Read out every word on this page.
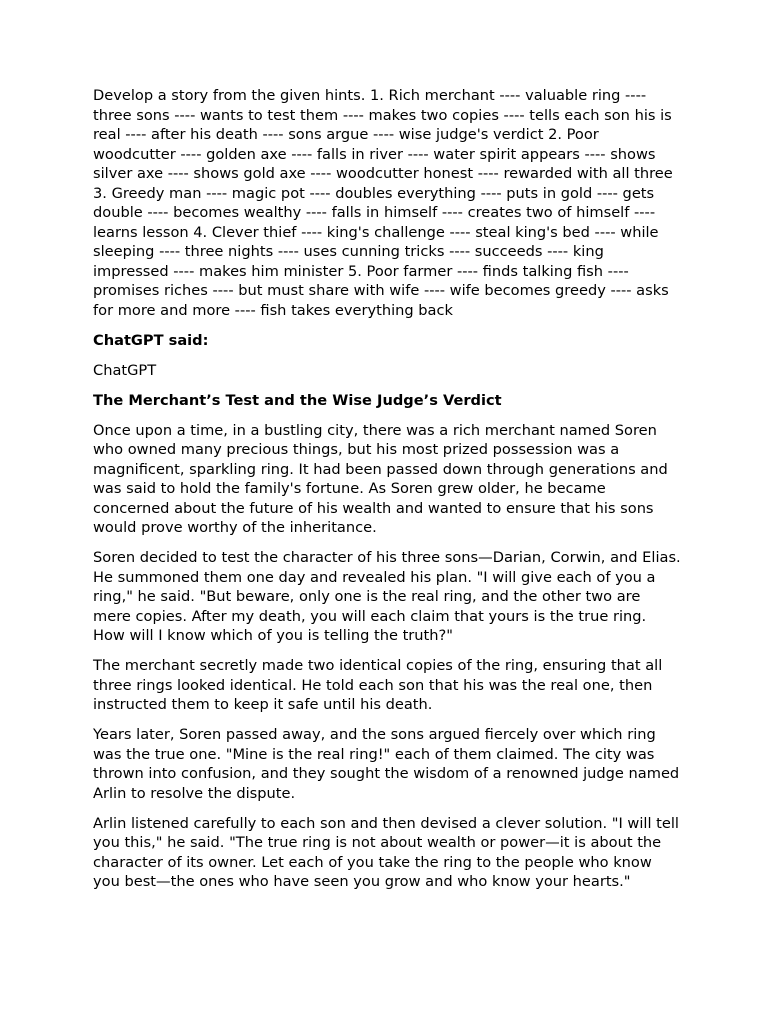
Develop a story from the given hints. 1. Rich merchant ---- valuable ring ---- three sons ---- wants to test them ---- makes two copies ---- tells each son his is real ---- after his death ---- sons argue ---- wise judge's verdict 2. Poor woodcutter ---- golden axe ---- falls in river ---- water spirit appears ---- shows silver axe ---- shows gold axe ---- woodcutter honest ---- rewarded with all three 3. Greedy man ---- magic pot ---- doubles everything ---- puts in gold ---- gets double ---- becomes wealthy ---- falls in himself ---- creates two of himself ---- learns lesson 4. Clever thief ---- king's challenge ---- steal king's bed ---- while sleeping ---- three nights ---- uses cunning tricks ---- succeeds ---- king impressed ---- makes him minister 5. Poor farmer ---- finds talking fish ---- promises riches ---- but must share with wife ---- wife becomes greedy ---- asks for more and more ---- fish takes everything back

ChatGPT said:

ChatGPT

The Merchant’s Test and the Wise Judge’s Verdict

Once upon a time, in a bustling city, there was a rich merchant named Soren who owned many precious things, but his most prized possession was a magnificent, sparkling ring. It had been passed down through generations and was said to hold the family's fortune. As Soren grew older, he became concerned about the future of his wealth and wanted to ensure that his sons would prove worthy of the inheritance.

Soren decided to test the character of his three sons—Darian, Corwin, and Elias. He summoned them one day and revealed his plan. "I will give each of you a ring," he said. "But beware, only one is the real ring, and the other two are mere copies. After my death, you will each claim that yours is the true ring. How will I know which of you is telling the truth?"

The merchant secretly made two identical copies of the ring, ensuring that all three rings looked identical. He told each son that his was the real one, then instructed them to keep it safe until his death.

Years later, Soren passed away, and the sons argued fiercely over which ring was the true one. "Mine is the real ring!" each of them claimed. The city was thrown into confusion, and they sought the wisdom of a renowned judge named Arlin to resolve the dispute.

Arlin listened carefully to each son and then devised a clever solution. "I will tell you this," he said. "The true ring is not about wealth or power—it is about the character of its owner. Let each of you take the ring to the people who know you best—the ones who have seen you grow and who know your hearts."
